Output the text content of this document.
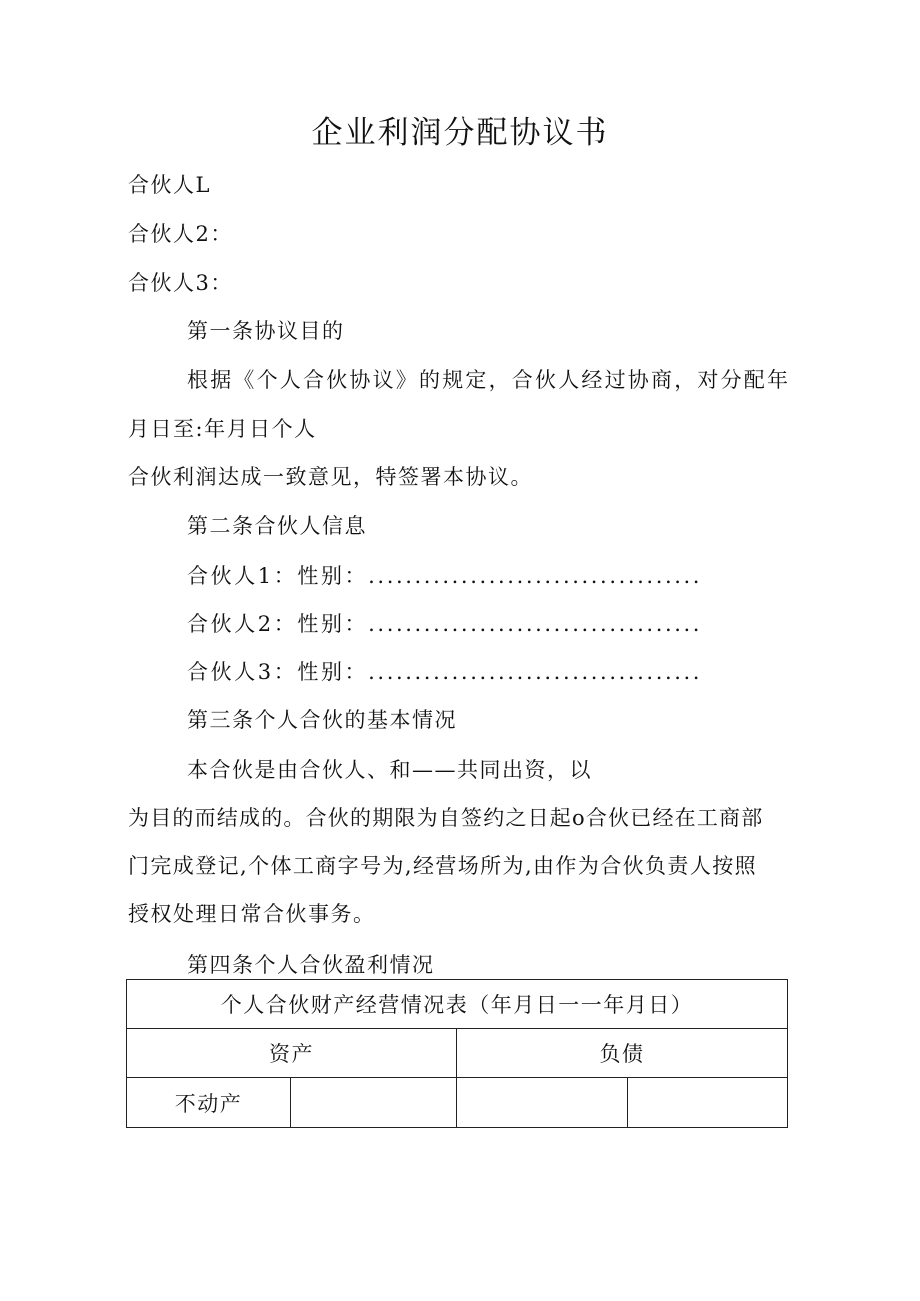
企业利润分配协议书
合伙人L
合伙人2：
合伙人3：
第一条协议目的
根据《个人合伙协议》的规定，合伙人经过协商，对分配年
月日至:年月日个人
合伙利润达成一致意见，特签署本协议。
第二条合伙人信息
合伙人1：性别：....................................
合伙人2：性别：....................................
合伙人3：性别：....................................
第三条个人合伙的基本情况
本合伙是由合伙人、和——共同出资，以
为目的而结成的。合伙的期限为自签约之日起o合伙已经在工商部
门完成登记,个体工商字号为,经营场所为,由作为合伙负责人按照
授权处理日常合伙事务。
第四条个人合伙盈利情况
个人合伙财产经营情况表（年月日一一年月日）			
资产		负债	
不动产			
